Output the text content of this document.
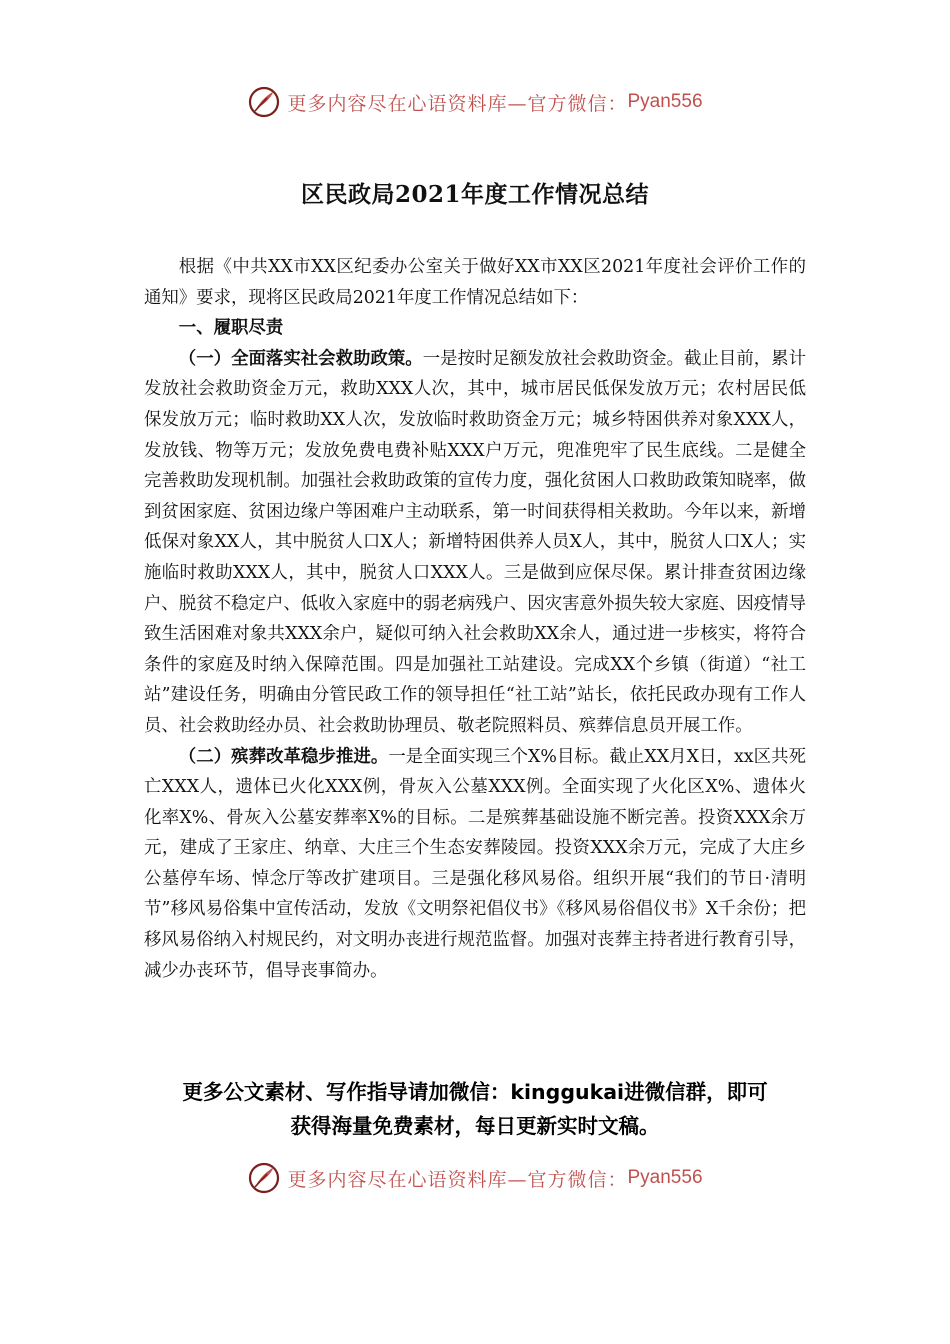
更多内容尽在心语资料库—官方微信： Pyan556
区民政局2021年度工作情况总结

根据《中共XX市XX区纪委办公室关于做好XX市XX区2021年度社会评价工作的通知》要求，现将区民政局2021年度工作情况总结如下：

一、履职尽责

（一）全面落实社会救助政策。一是按时足额发放社会救助资金。截止目前，累计发放社会救助资金万元，救助XXX人次，其中，城市居民低保发放万元；农村居民低保发放万元；临时救助XX人次，发放临时救助资金万元；城乡特困供养对象XXX人，发放钱、物等万元；发放免费电费补贴XXX户万元，兜准兜牢了民生底线。二是健全完善救助发现机制。加强社会救助政策的宣传力度，强化贫困人口救助政策知晓率，做到贫困家庭、贫困边缘户等困难户主动联系，第一时间获得相关救助。今年以来，新增低保对象XX人，其中脱贫人口X人；新增特困供养人员X人，其中，脱贫人口X人；实施临时救助XXX人，其中，脱贫人口XXX人。三是做到应保尽保。累计排查贫困边缘户、脱贫不稳定户、低收入家庭中的弱老病残户、因灾害意外损失较大家庭、因疫情导致生活困难对象共XXX余户，疑似可纳入社会救助XX余人，通过进一步核实，将符合条件的家庭及时纳入保障范围。四是加强社工站建设。完成XX个乡镇（街道）“社工站”建设任务，明确由分管民政工作的领导担任“社工站”站长，依托民政办现有工作人员、社会救助经办员、社会救助协理员、敬老院照料员、殡葬信息员开展工作。

（二）殡葬改革稳步推进。一是全面实现三个X%目标。截止XX月X日，xx区共死亡XXX人，遗体已火化XXX例，骨灰入公墓XXX例。全面实现了火化区X%、遗体火化率X%、骨灰入公墓安葬率X%的目标。二是殡葬基础设施不断完善。投资XXX余万元，建成了王家庄、纳章、大庄三个生态安葬陵园。投资XXX余万元，完成了大庄乡公墓停车场、悼念厅等改扩建项目。三是强化移风易俗。组织开展“我们的节日·清明节”移风易俗集中宣传活动，发放《文明祭祀倡仪书》《移风易俗倡仪书》X千余份；把移风易俗纳入村规民约，对文明办丧进行规范监督。加强对丧葬主持者进行教育引导，减少办丧环节，倡导丧事简办。

更多公文素材、写作指导请加微信：kinggukai进微信群，即可
获得海量免费素材，每日更新实时文稿。
更多内容尽在心语资料库—官方微信： Pyan556
